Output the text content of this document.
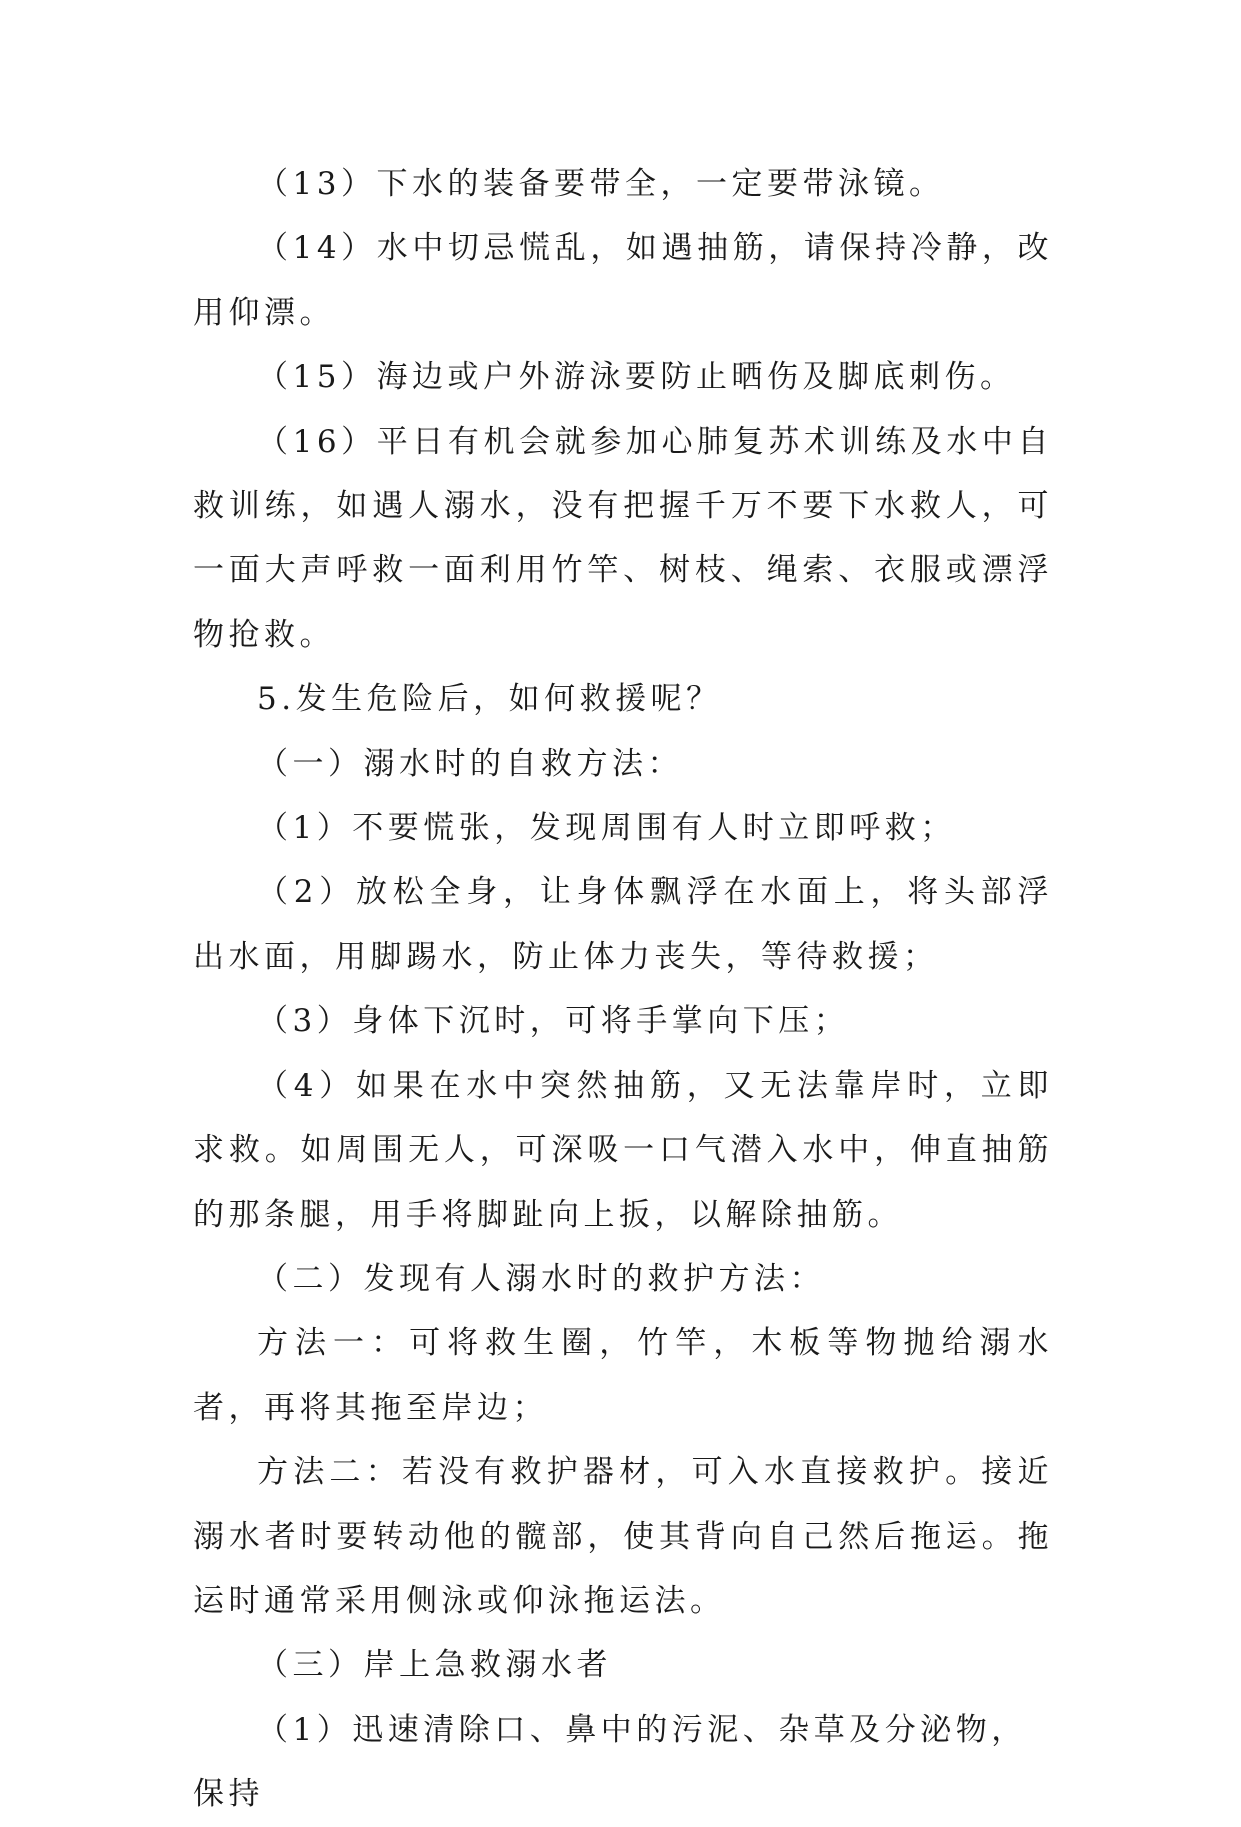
（13）下水的装备要带全，一定要带泳镜。

（14）水中切忌慌乱，如遇抽筋，请保持冷静，改用仰漂。

（15）海边或户外游泳要防止晒伤及脚底刺伤。

（16）平日有机会就参加心肺复苏术训练及水中自救训练，如遇人溺水，没有把握千万不要下水救人，可一面大声呼救一面利用竹竿、树枝、绳索、衣服或漂浮物抢救。

5.发生危险后，如何救援呢？

（一）溺水时的自救方法：

（1）不要慌张，发现周围有人时立即呼救；

（2）放松全身，让身体飘浮在水面上，将头部浮出水面，用脚踢水，防止体力丧失，等待救援；

（3）身体下沉时，可将手掌向下压；

（4）如果在水中突然抽筋，又无法靠岸时，立即求救。如周围无人，可深吸一口气潜入水中，伸直抽筋的那条腿，用手将脚趾向上扳，以解除抽筋。

（二）发现有人溺水时的救护方法：

方法一：可将救生圈，竹竿，木板等物抛给溺水者，再将其拖至岸边；

方法二：若没有救护器材，可入水直接救护。接近溺水者时要转动他的髋部，使其背向自己然后拖运。拖运时通常采用侧泳或仰泳拖运法。

（三）岸上急救溺水者

（1）迅速清除口、鼻中的污泥、杂草及分泌物，保持
